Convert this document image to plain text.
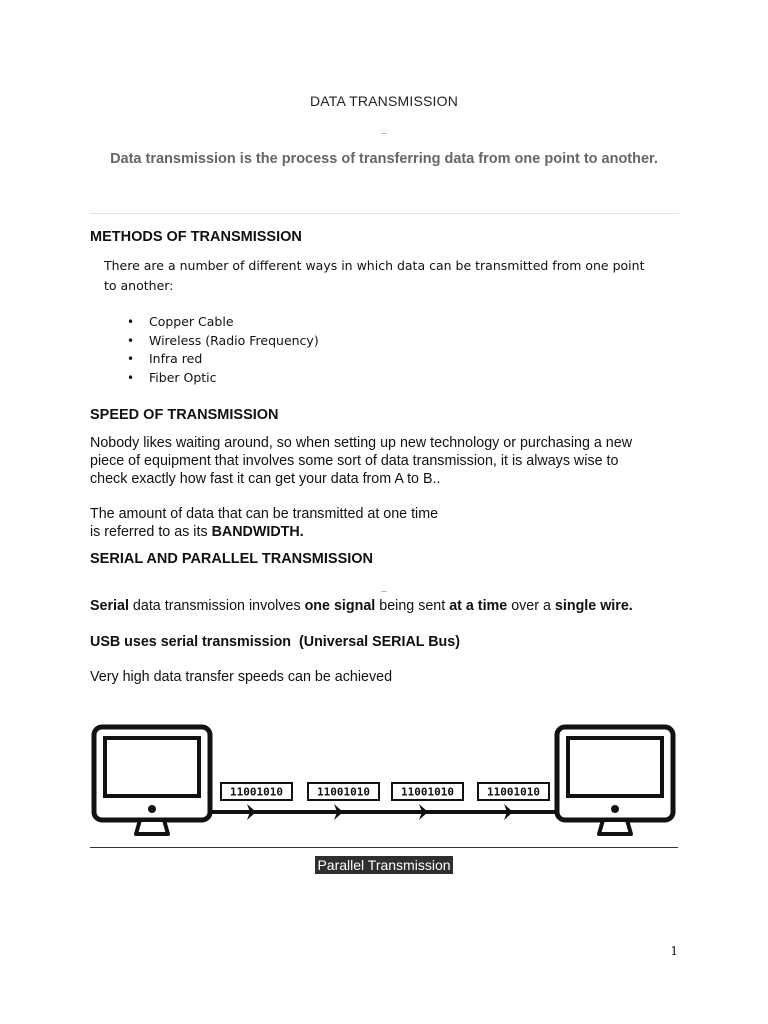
DATA TRANSMISSION
Data transmission is the process of transferring data from one point to another.
METHODS OF TRANSMISSION
There are a number of different ways in which data can be transmitted from one point
to another:
• Copper Cable
• Wireless (Radio Frequency)
• Infra red
• Fiber Optic
SPEED OF TRANSMISSION
Nobody likes waiting around, so when setting up new technology or purchasing a new
piece of equipment that involves some sort of data transmission, it is always wise to
check exactly how fast it can get your data from A to B..
The amount of data that can be transmitted at one time
is referred to as its BANDWIDTH.
SERIAL AND PARALLEL TRANSMISSION
Serial data transmission involves one signal being sent at a time over a single wire.
USB uses serial transmission  (Universal SERIAL Bus)
Very high data transfer speeds can be achieved
11001010	11001010	11001010	11001010
Parallel Transmission
1
